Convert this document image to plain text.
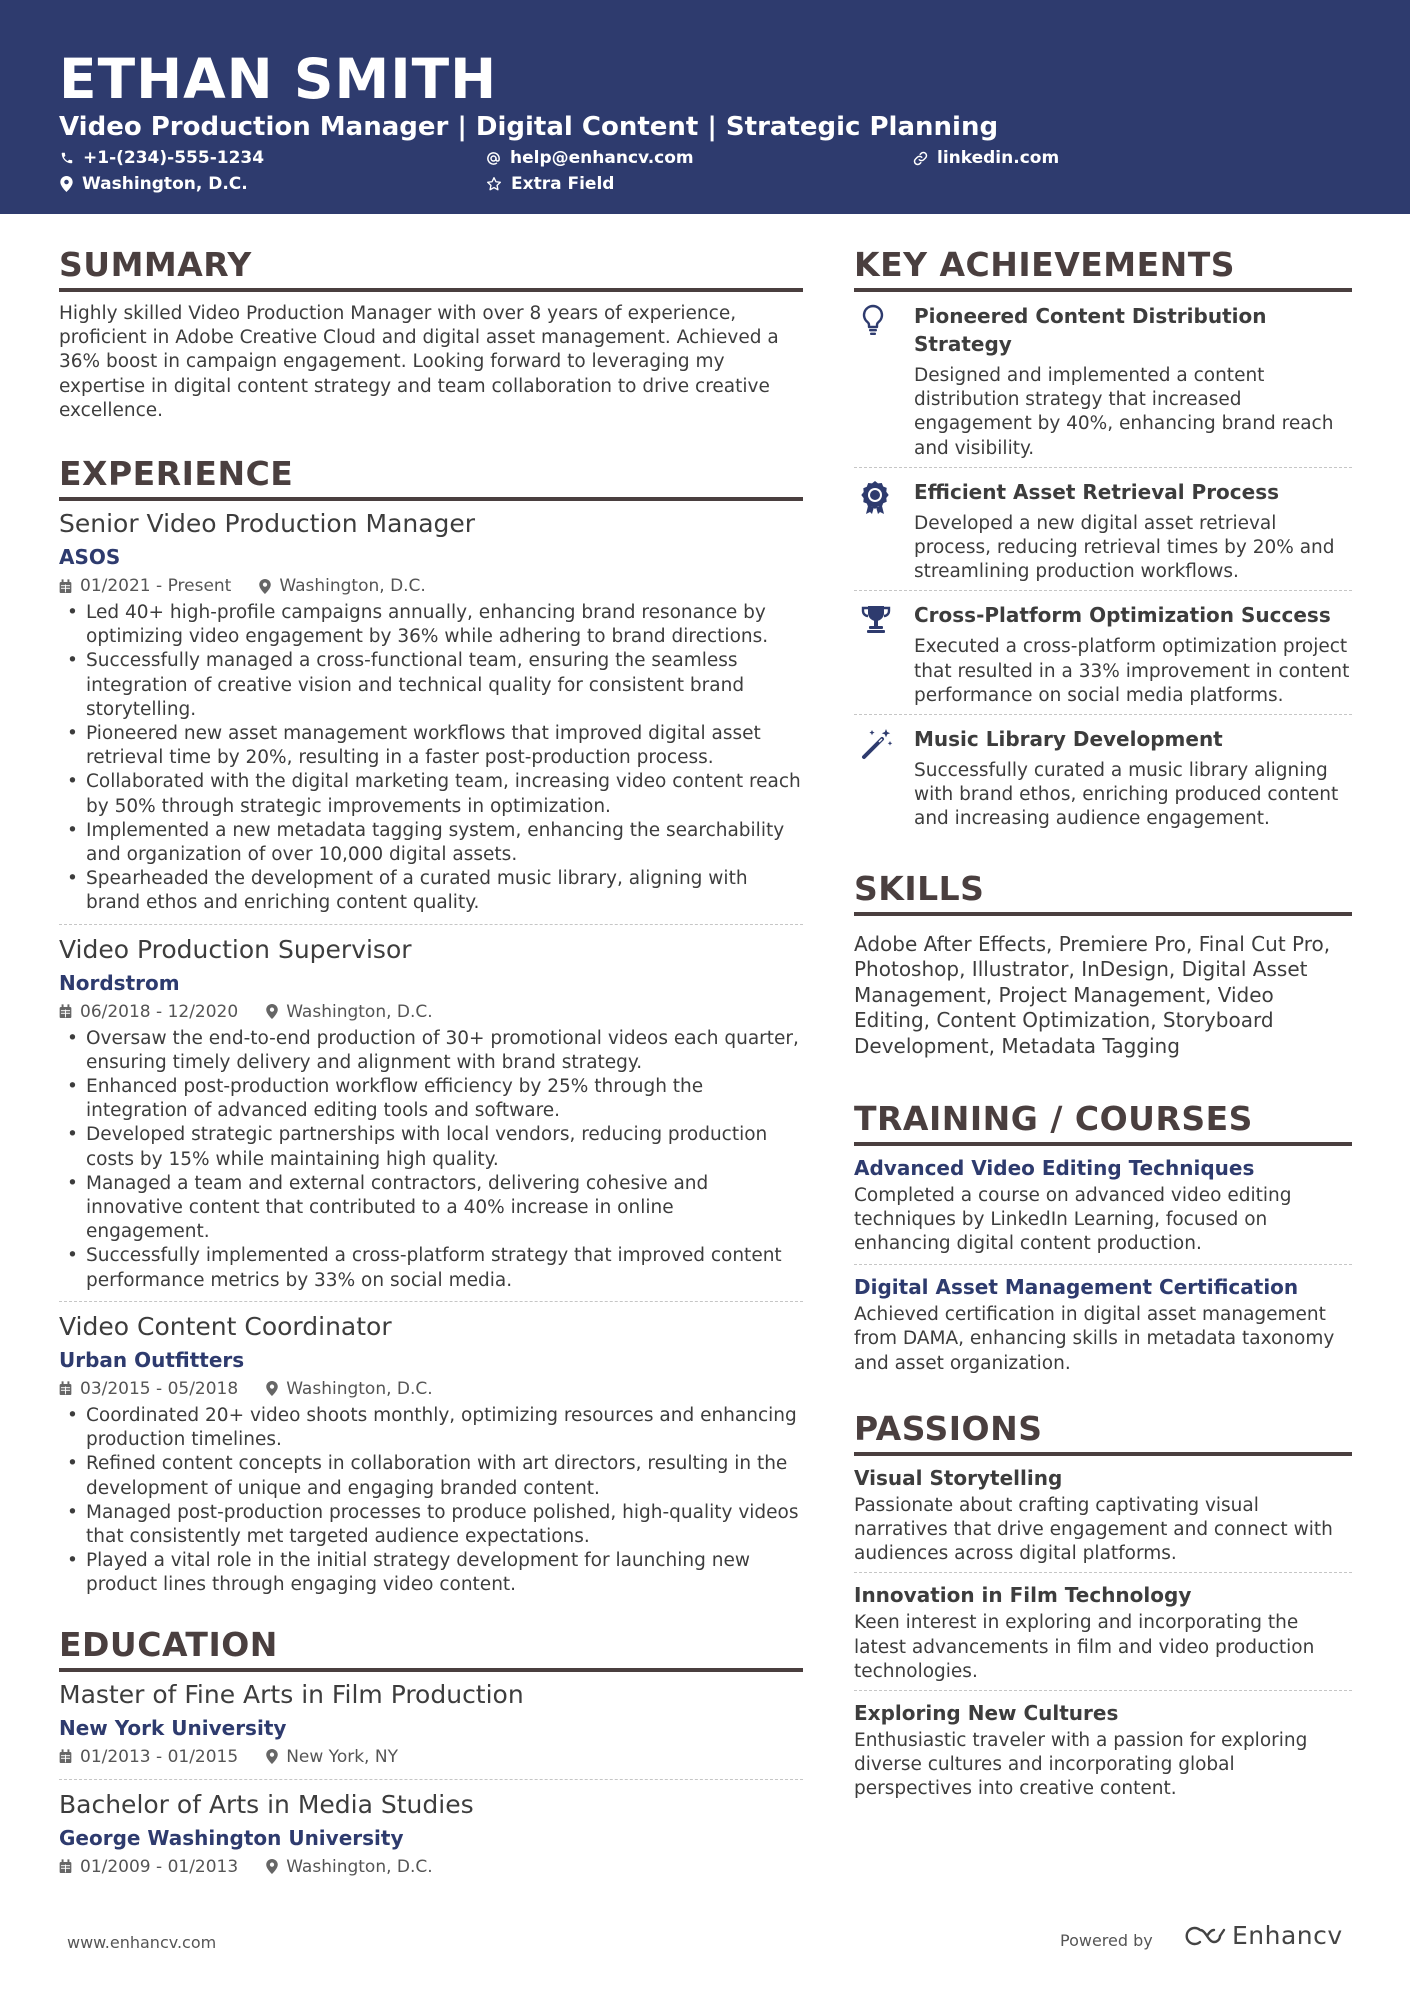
ETHAN SMITH
Video Production Manager | Digital Content | Strategic Planning
+1-(234)-555-1234	help@enhancv.com	linkedin.com
Washington, D.C.	Extra Field
SUMMARY
Highly skilled Video Production Manager with over 8 years of experience, proficient in Adobe Creative Cloud and digital asset management. Achieved a 36% boost in campaign engagement. Looking forward to leveraging my expertise in digital content strategy and team collaboration to drive creative excellence.
EXPERIENCE
Senior Video Production Manager
ASOS
01/2021 - Present	Washington, D.C.
• Led 40+ high-profile campaigns annually, enhancing brand resonance by optimizing video engagement by 36% while adhering to brand directions.
• Successfully managed a cross-functional team, ensuring the seamless integration of creative vision and technical quality for consistent brand storytelling.
• Pioneered new asset management workflows that improved digital asset retrieval time by 20%, resulting in a faster post-production process.
• Collaborated with the digital marketing team, increasing video content reach by 50% through strategic improvements in optimization.
• Implemented a new metadata tagging system, enhancing the searchability and organization of over 10,000 digital assets.
• Spearheaded the development of a curated music library, aligning with brand ethos and enriching content quality.
Video Production Supervisor
Nordstrom
06/2018 - 12/2020	Washington, D.C.
• Oversaw the end-to-end production of 30+ promotional videos each quarter, ensuring timely delivery and alignment with brand strategy.
• Enhanced post-production workflow efficiency by 25% through the integration of advanced editing tools and software.
• Developed strategic partnerships with local vendors, reducing production costs by 15% while maintaining high quality.
• Managed a team and external contractors, delivering cohesive and innovative content that contributed to a 40% increase in online engagement.
• Successfully implemented a cross-platform strategy that improved content performance metrics by 33% on social media.
Video Content Coordinator
Urban Outfitters
03/2015 - 05/2018	Washington, D.C.
• Coordinated 20+ video shoots monthly, optimizing resources and enhancing production timelines.
• Refined content concepts in collaboration with art directors, resulting in the development of unique and engaging branded content.
• Managed post-production processes to produce polished, high-quality videos that consistently met targeted audience expectations.
• Played a vital role in the initial strategy development for launching new product lines through engaging video content.
EDUCATION
Master of Fine Arts in Film Production
New York University
01/2013 - 01/2015	New York, NY
Bachelor of Arts in Media Studies
George Washington University
01/2009 - 01/2013	Washington, D.C.
KEY ACHIEVEMENTS
Pioneered Content Distribution Strategy
Designed and implemented a content distribution strategy that increased engagement by 40%, enhancing brand reach and visibility.
Efficient Asset Retrieval Process
Developed a new digital asset retrieval process, reducing retrieval times by 20% and streamlining production workflows.
Cross-Platform Optimization Success
Executed a cross-platform optimization project that resulted in a 33% improvement in content performance on social media platforms.
Music Library Development
Successfully curated a music library aligning with brand ethos, enriching produced content and increasing audience engagement.
SKILLS
Adobe After Effects, Premiere Pro, Final Cut Pro, Photoshop, Illustrator, InDesign, Digital Asset Management, Project Management, Video Editing, Content Optimization, Storyboard Development, Metadata Tagging
TRAINING / COURSES
Advanced Video Editing Techniques
Completed a course on advanced video editing techniques by LinkedIn Learning, focused on enhancing digital content production.
Digital Asset Management Certification
Achieved certification in digital asset management from DAMA, enhancing skills in metadata taxonomy and asset organization.
PASSIONS
Visual Storytelling
Passionate about crafting captivating visual narratives that drive engagement and connect with audiences across digital platforms.
Innovation in Film Technology
Keen interest in exploring and incorporating the latest advancements in film and video production technologies.
Exploring New Cultures
Enthusiastic traveler with a passion for exploring diverse cultures and incorporating global perspectives into creative content.
www.enhancv.com	Powered by	Enhancv
